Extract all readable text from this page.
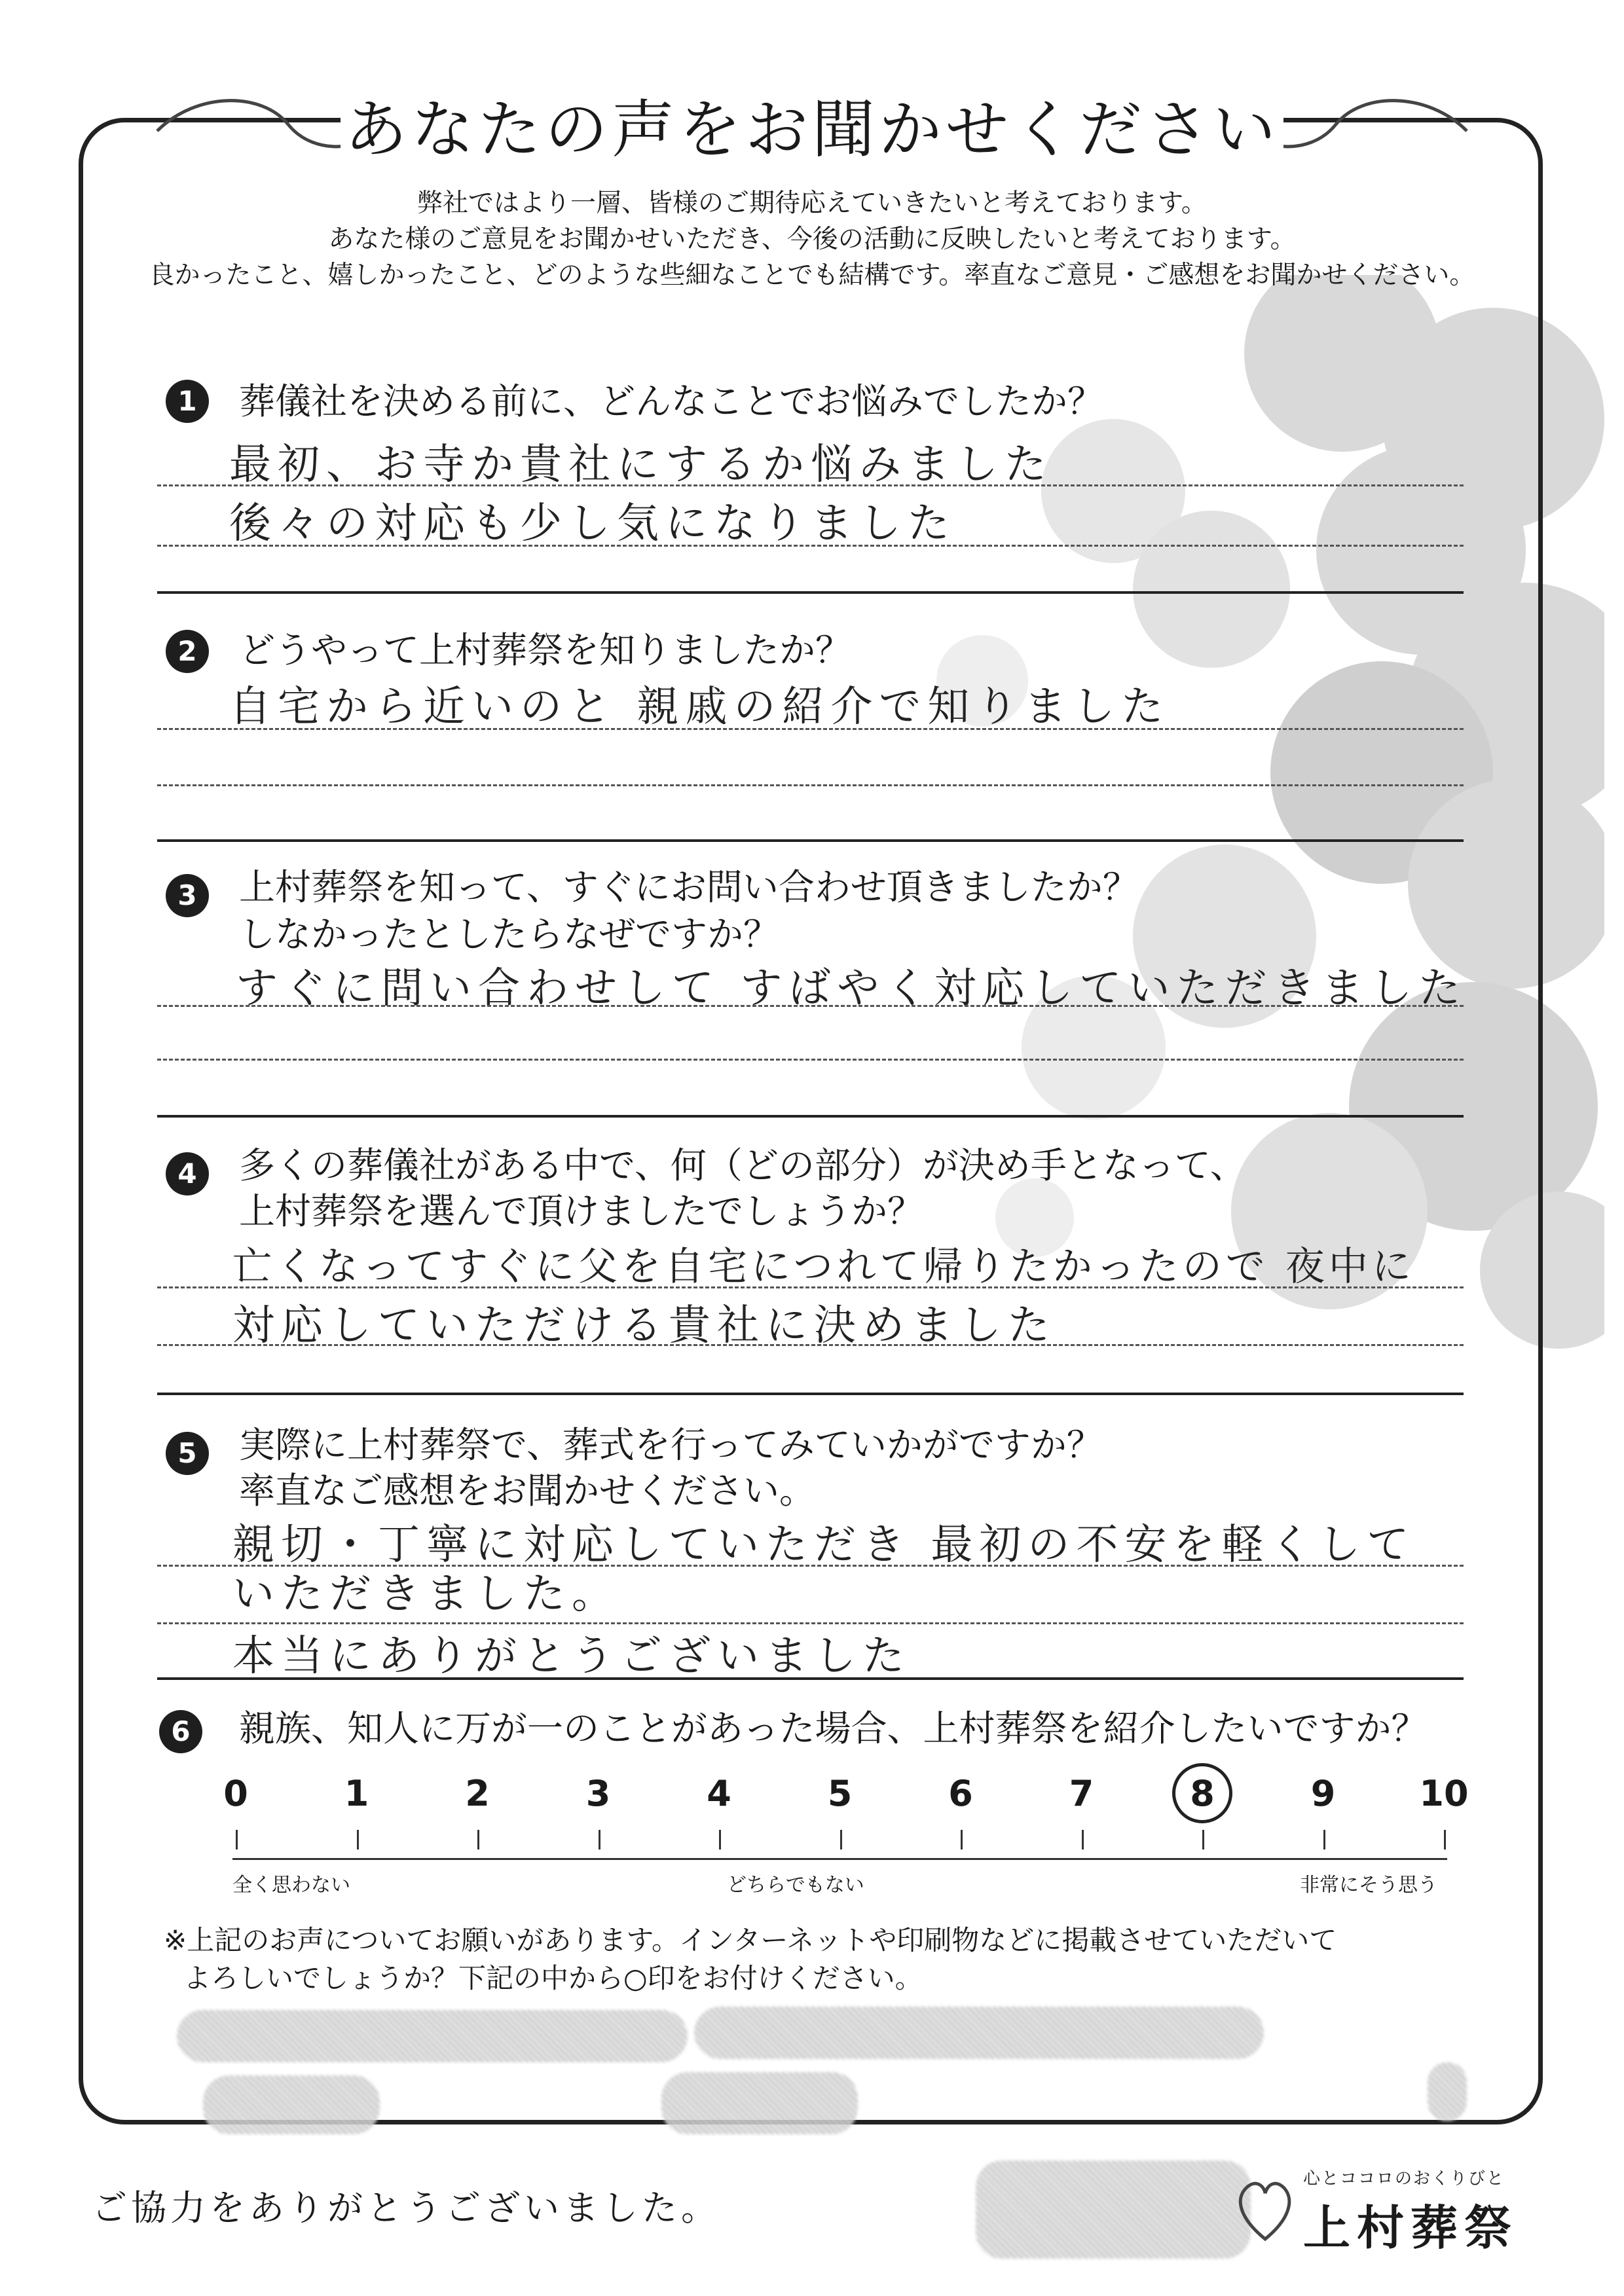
あなたの声をお聞かせください
弊社ではより一層、皆様のご期待応えていきたいと考えております。
あなた様のご意見をお聞かせいただき、今後の活動に反映したいと考えております。
良かったこと、嬉しかったこと、どのような些細なことでも結構です。率直なご意見・ご感想をお聞かせください。
1	葬儀社を決める前に、どんなことでお悩みでしたか？
最初、お寺か貴社にするか悩みました
後々の対応も少し気になりました
2	どうやって上村葬祭を知りましたか？
自宅から近いのと 親戚の紹介で知りました
3	上村葬祭を知って、すぐにお問い合わせ頂きましたか？
しなかったとしたらなぜですか？
すぐに問い合わせして すばやく対応していただきました
4	多くの葬儀社がある中で、何（どの部分）が決め手となって、
上村葬祭を選んで頂けましたでしょうか？
亡くなってすぐに父を自宅につれて帰りたかったので 夜中に
対応していただける貴社に決めました
5	実際に上村葬祭で、葬式を行ってみていかがですか？
率直なご感想をお聞かせください。
親切・丁寧に対応していただき 最初の不安を軽くして
いただきました。
本当にありがとうございました
6	親族、知人に万が一のことがあった場合、上村葬祭を紹介したいですか？
全く思わない	どちらでもない	非常にそう思う
※上記のお声についてお願いがあります。インターネットや印刷物などに掲載させていただいて
よろしいでしょうか？下記の中から○印をお付けください。
ご協力をありがとうございました。
心とココロのおくりびと
上村葬祭
0	1	2	3	4	5	6	7	8	9	10
